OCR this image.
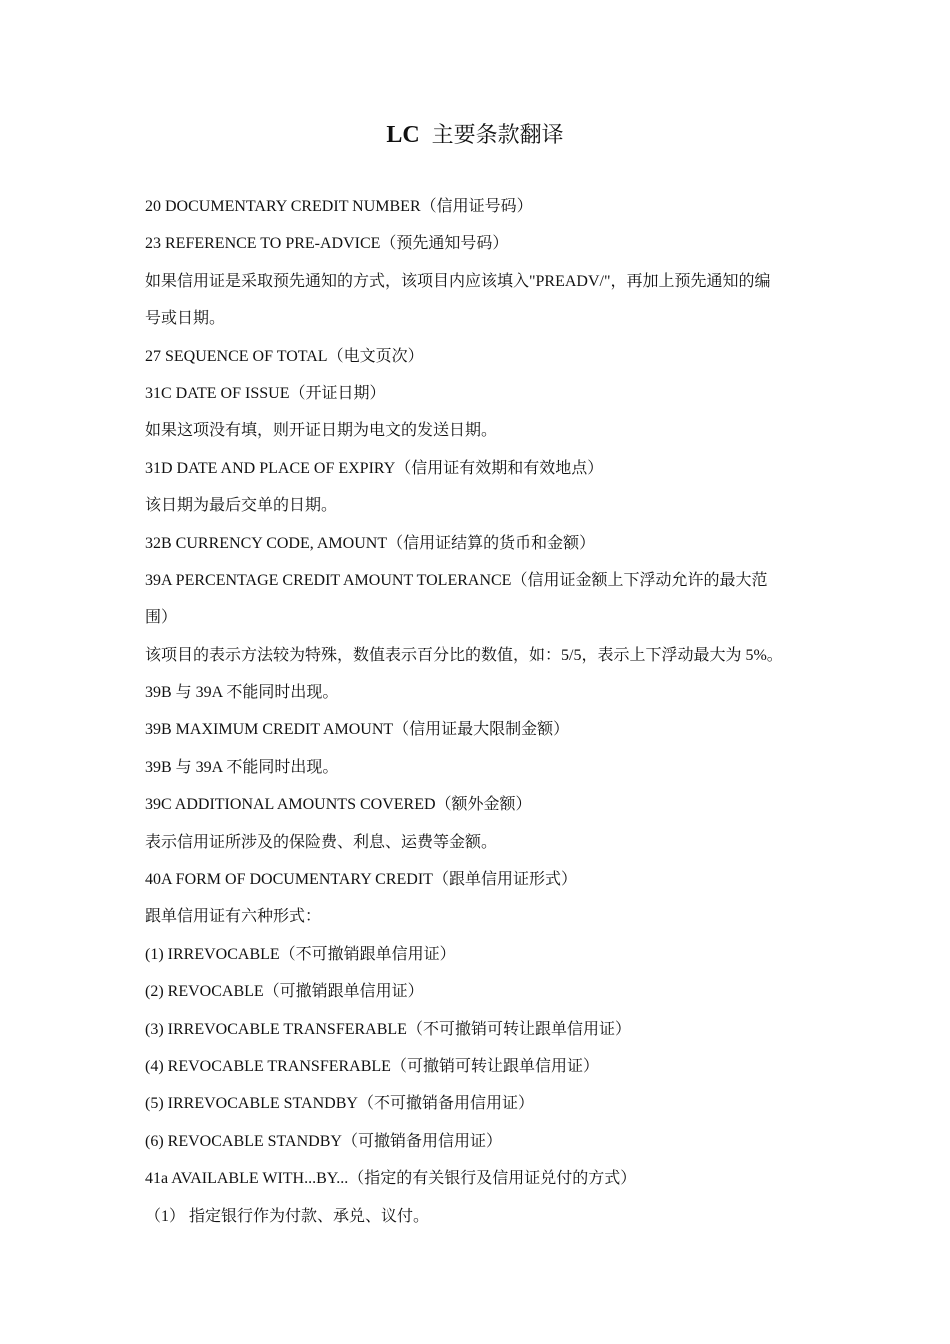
LC 主要条款翻译
20 DOCUMENTARY CREDIT NUMBER（信用证号码）
23 REFERENCE TO PRE-ADVICE（预先通知号码）
如果信用证是采取预先通知的方式，该项目内应该填入"PREADV/"，再加上预先通知的编
号或日期。
27 SEQUENCE OF TOTAL（电文页次）
31C DATE OF ISSUE（开证日期）
如果这项没有填，则开证日期为电文的发送日期。
31D DATE AND PLACE OF EXPIRY（信用证有效期和有效地点）
该日期为最后交单的日期。
32B CURRENCY CODE, AMOUNT（信用证结算的货币和金额）
39A PERCENTAGE CREDIT AMOUNT TOLERANCE（信用证金额上下浮动允许的最大范
围）
该项目的表示方法较为特殊，数值表示百分比的数值，如：5/5，表示上下浮动最大为 5%。
39B 与 39A 不能同时出现。
39B MAXIMUM CREDIT AMOUNT（信用证最大限制金额）
39B 与 39A 不能同时出现。
39C ADDITIONAL AMOUNTS COVERED（额外金额）
表示信用证所涉及的保险费、利息、运费等金额。
40A FORM OF DOCUMENTARY CREDIT（跟单信用证形式）
跟单信用证有六种形式：
(1) IRREVOCABLE（不可撤销跟单信用证）
(2) REVOCABLE（可撤销跟单信用证）
(3) IRREVOCABLE TRANSFERABLE（不可撤销可转让跟单信用证）
(4) REVOCABLE TRANSFERABLE（可撤销可转让跟单信用证）
(5) IRREVOCABLE STANDBY（不可撤销备用信用证）
(6) REVOCABLE STANDBY（可撤销备用信用证）
41a AVAILABLE WITH...BY...（指定的有关银行及信用证兑付的方式）
（1） 指定银行作为付款、承兑、议付。
